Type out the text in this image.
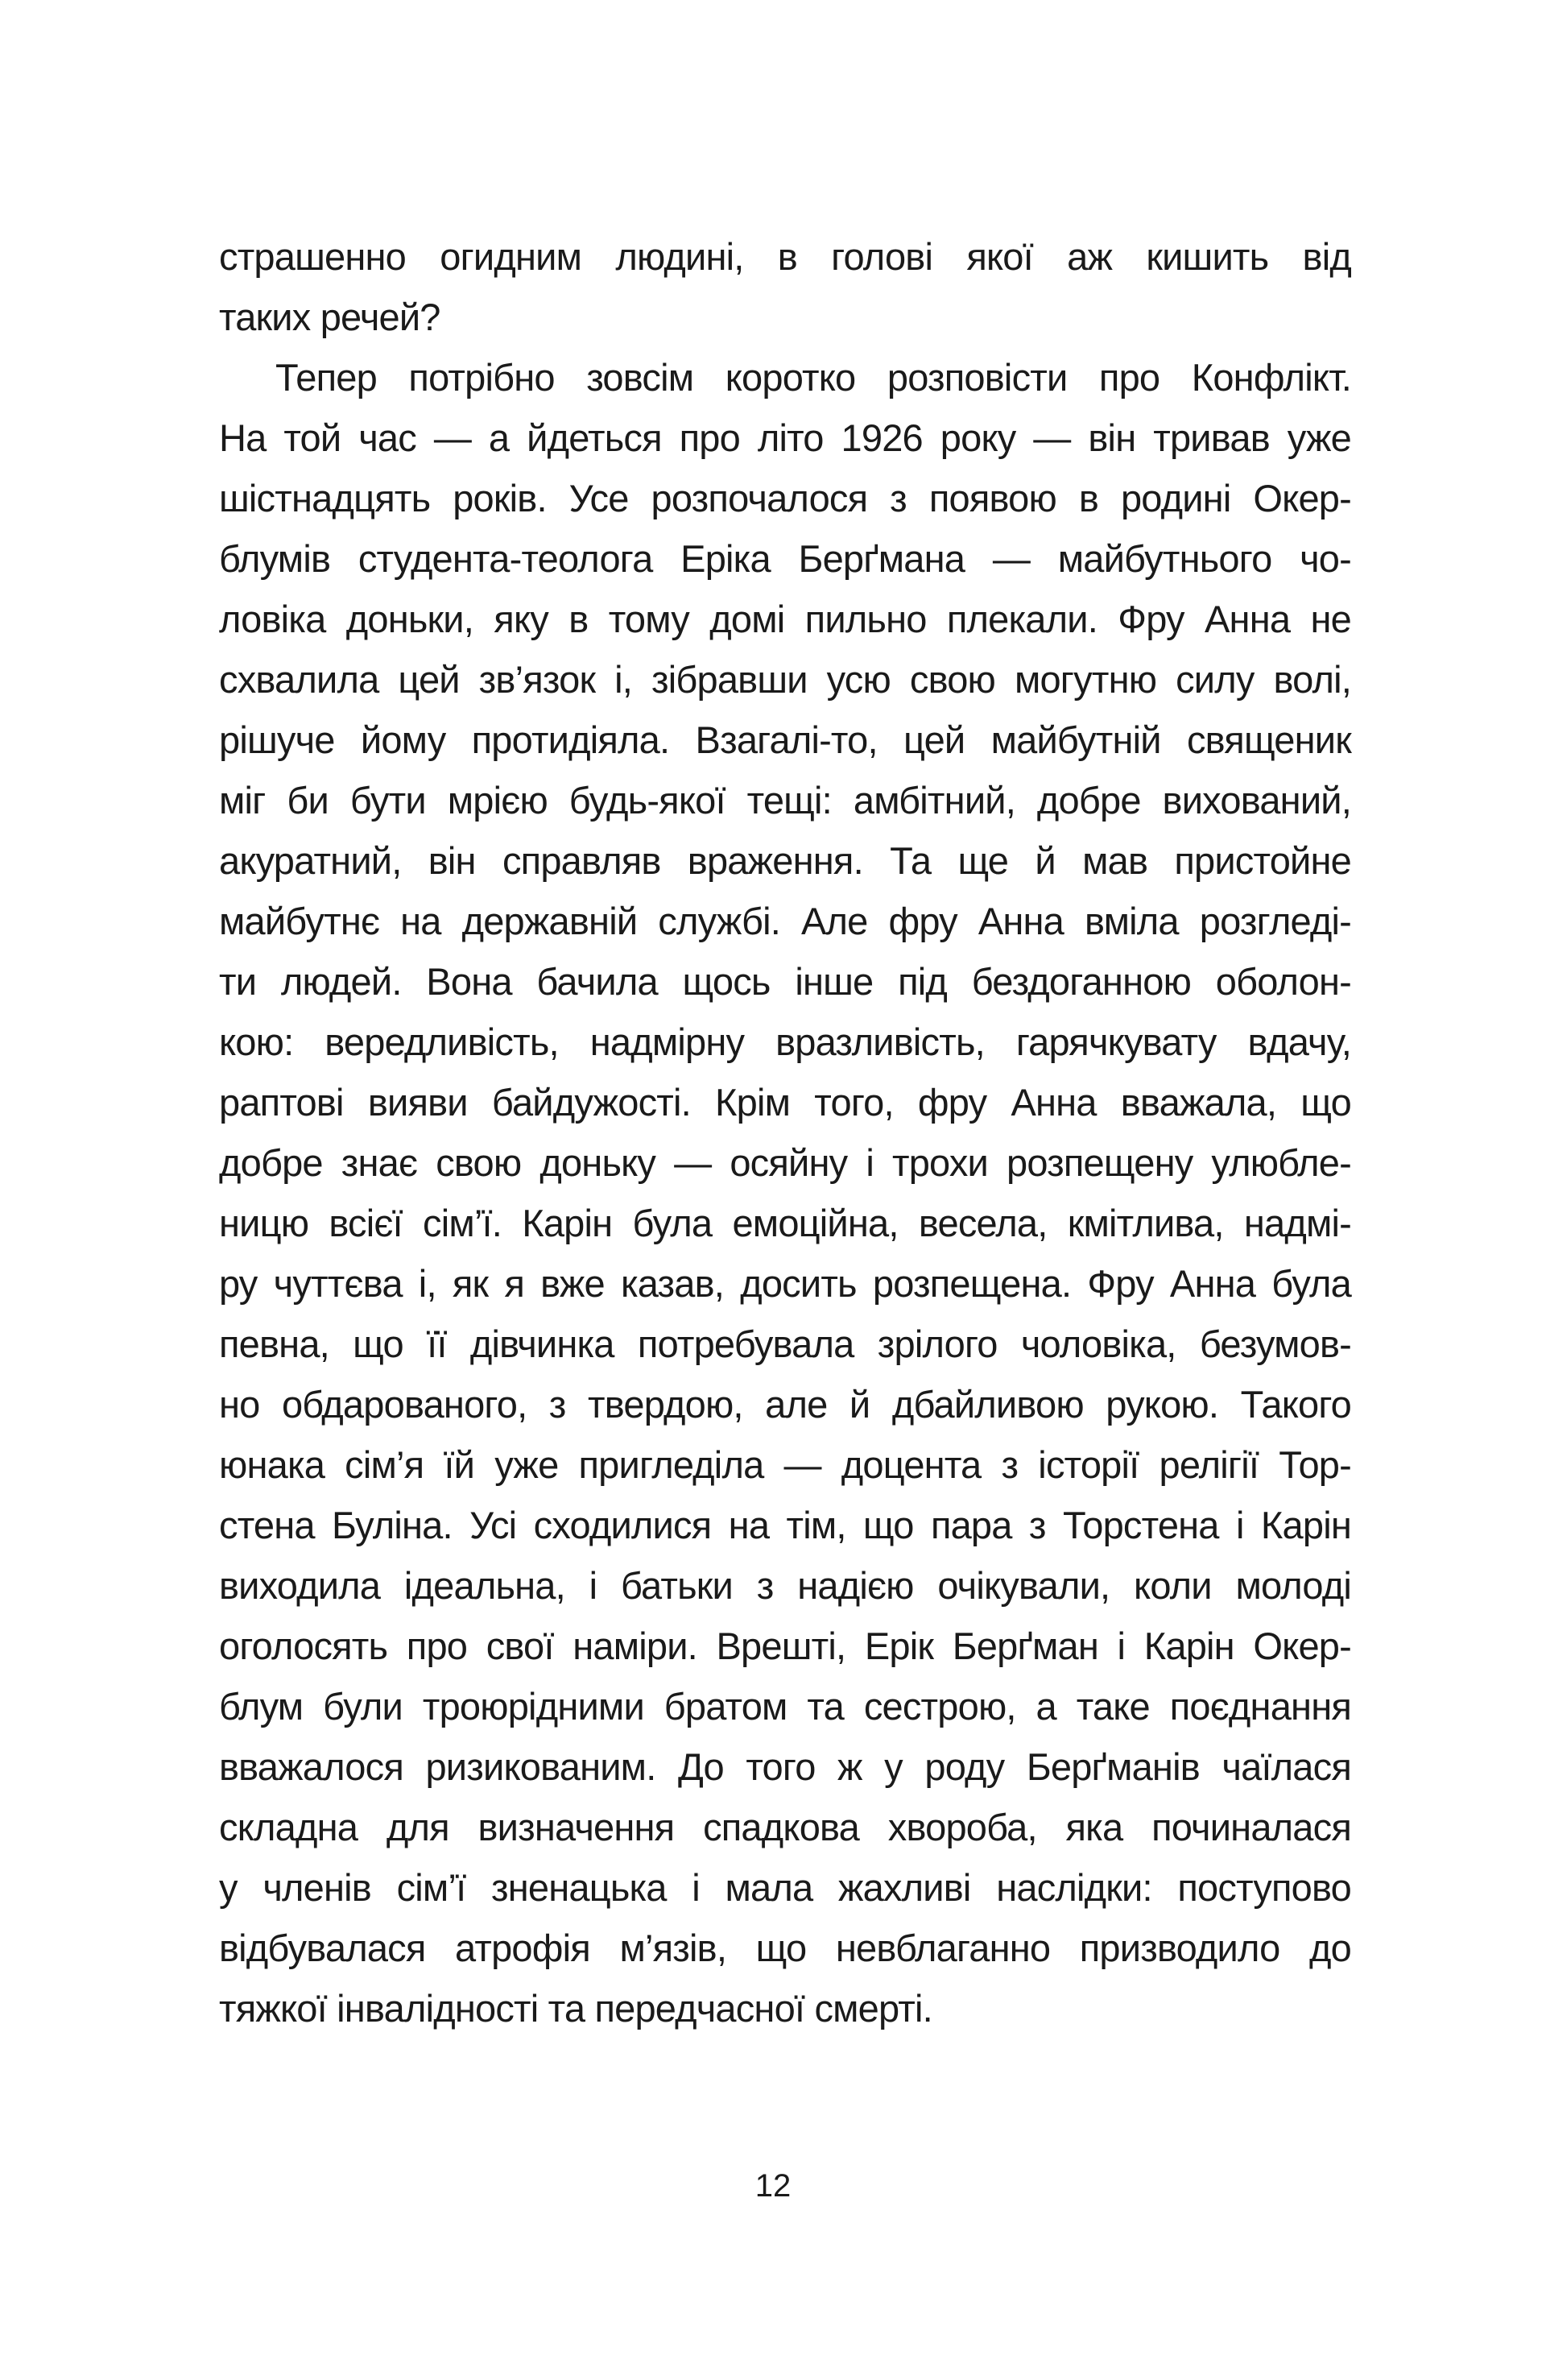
страшенно огидним людині, в голові якої аж кишить від
таких речей?
Тепер потрібно зовсім коротко розповісти про Конфлікт.
На той час — а йдеться про літо 1926 року — він тривав уже
шістнадцять років. Усе розпочалося з появою в родині Окер-
блумів студента-теолога Еріка Берґмана — майбутнього чо-
ловіка доньки, яку в тому домі пильно плекали. Фру Анна не
схвалила цей зв’язок і, зібравши усю свою могутню силу волі,
рішуче йому протидіяла. Взагалі-то, цей майбутній священик
міг би бути мрією будь-якої тещі: амбітний, добре вихований,
акуратний, він справляв враження. Та ще й мав пристойне
майбутнє на державній службі. Але фру Анна вміла розгледі-
ти людей. Вона бачила щось інше під бездоганною оболон-
кою: вередливість, надмірну вразливість, гарячкувату вдачу,
раптові вияви байдужості. Крім того, фру Анна вважала, що
добре знає свою доньку — осяйну і трохи розпещену улюбле-
ницю всієї сім’ї. Карін була емоційна, весела, кмітлива, надмі-
ру чуттєва і, як я вже казав, досить розпещена. Фру Анна була
певна, що її дівчинка потребувала зрілого чоловіка, безумов-
но обдарованого, з твердою, але й дбайливою рукою. Такого
юнака сім’я їй уже пригледіла — доцента з історії релігії Тор-
стена Буліна. Усі сходилися на тім, що пара з Торстена і Карін
виходила ідеальна, і батьки з надією очікували, коли молоді
оголосять про свої наміри. Врешті, Ерік Берґман і Карін Окер-
блум були троюрідними братом та сестрою, а таке поєднання
вважалося ризикованим. До того ж у роду Берґманів чаїлася
складна для визначення спадкова хвороба, яка починалася
у членів сім’ї зненацька і мала жахливі наслідки: поступово
відбувалася атрофія м’язів, що невблаганно призводило до
тяжкої інвалідності та передчасної смерті.
12
